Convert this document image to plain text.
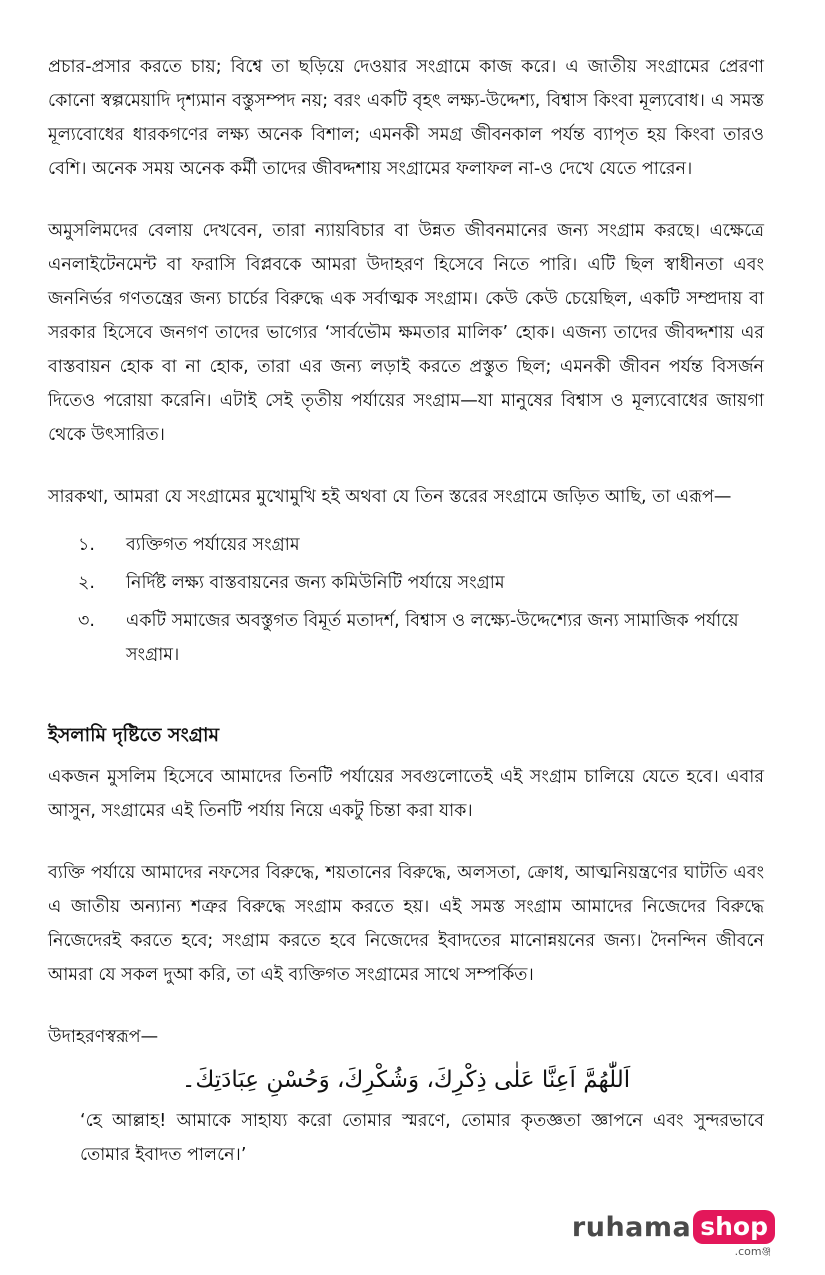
প্রচার-প্রসার করতে চায়; বিশ্বে তা ছড়িয়ে দেওয়ার সংগ্রামে কাজ করে। এ জাতীয় সংগ্রামের প্রেরণা কোনো স্বল্পমেয়াদি দৃশ্যমান বস্তুসম্পদ নয়; বরং একটি বৃহৎ লক্ষ্য-উদ্দেশ্য, বিশ্বাস কিংবা মূল্যবোধ। এ সমস্ত মূল্যবোধের ধারকগণের লক্ষ্য অনেক বিশাল; এমনকী সমগ্র জীবনকাল পর্যন্ত ব্যাপৃত হয় কিংবা তারও বেশি। অনেক সময় অনেক কর্মী তাদের জীবদ্দশায় সংগ্রামের ফলাফল না-ও দেখে যেতে পারেন।

অমুসলিমদের বেলায় দেখবেন, তারা ন্যায়বিচার বা উন্নত জীবনমানের জন্য সংগ্রাম করছে। এক্ষেত্রে এনলাইটেনমেন্ট বা ফরাসি বিপ্লবকে আমরা উদাহরণ হিসেবে নিতে পারি। এটি ছিল স্বাধীনতা এবং জননির্ভর গণতন্ত্রের জন্য চার্চের বিরুদ্ধে এক সর্বাত্মক সংগ্রাম। কেউ কেউ চেয়েছিল, একটি সম্প্রদায় বা সরকার হিসেবে জনগণ তাদের ভাগ্যের ‘সার্বভৌম ক্ষমতার মালিক’ হোক। এজন্য তাদের জীবদ্দশায় এর বাস্তবায়ন হোক বা না হোক, তারা এর জন্য লড়াই করতে প্রস্তুত ছিল; এমনকী জীবন পর্যন্ত বিসর্জন দিতেও পরোয়া করেনি। এটাই সেই তৃতীয় পর্যায়ের সংগ্রাম—যা মানুষের বিশ্বাস ও মূল্যবোধের জায়গা থেকে উৎসারিত।

সারকথা, আমরা যে সংগ্রামের মুখোমুখি হই অথবা যে তিন স্তরের সংগ্রামে জড়িত আছি, তা এরূপ—

১.	ব্যক্তিগত পর্যায়ের সংগ্রাম
২.	নির্দিষ্ট লক্ষ্য বাস্তবায়নের জন্য কমিউনিটি পর্যায়ে সংগ্রাম
৩.	একটি সমাজের অবস্তুগত বিমূর্ত মতাদর্শ, বিশ্বাস ও লক্ষ্যে-উদ্দেশ্যের জন্য সামাজিক পর্যায়ে সংগ্রাম।
ইসলামি দৃষ্টিতে সংগ্রাম

একজন মুসলিম হিসেবে আমাদের তিনটি পর্যায়ের সবগুলোতেই এই সংগ্রাম চালিয়ে যেতে হবে। এবার আসুন, সংগ্রামের এই তিনটি পর্যায় নিয়ে একটু চিন্তা করা যাক।

ব্যক্তি পর্যায়ে আমাদের নফসের বিরুদ্ধে, শয়তানের বিরুদ্ধে, অলসতা, ক্রোধ, আত্মনিয়ন্ত্রণের ঘাটতি এবং এ জাতীয় অন্যান্য শত্রুর বিরুদ্ধে সংগ্রাম করতে হয়। এই সমস্ত সংগ্রাম আমাদের নিজেদের বিরুদ্ধে নিজেদেরই করতে হবে; সংগ্রাম করতে হবে নিজেদের ইবাদতের মানোন্নয়নের জন্য। দৈনন্দিন জীবনে আমরা যে সকল দুআ করি, তা এই ব্যক্তিগত সংগ্রামের সাথে সম্পর্কিত।

উদাহরণস্বরূপ—

اَللّٰهُمَّ اَعِنَّا عَلٰى ذِكْرِكَ، وَشُكْرِكَ، وَحُسْنِ عِبَادَتِكَ۔

‘হে আল্লাহ! আমাকে সাহায্য করো তোমার স্মরণে, তোমার কৃতজ্ঞতা জ্ঞাপনে এবং সুন্দরভাবে তোমার ইবাদত পালনে।’

ruhama shop
.comঞ্জ
